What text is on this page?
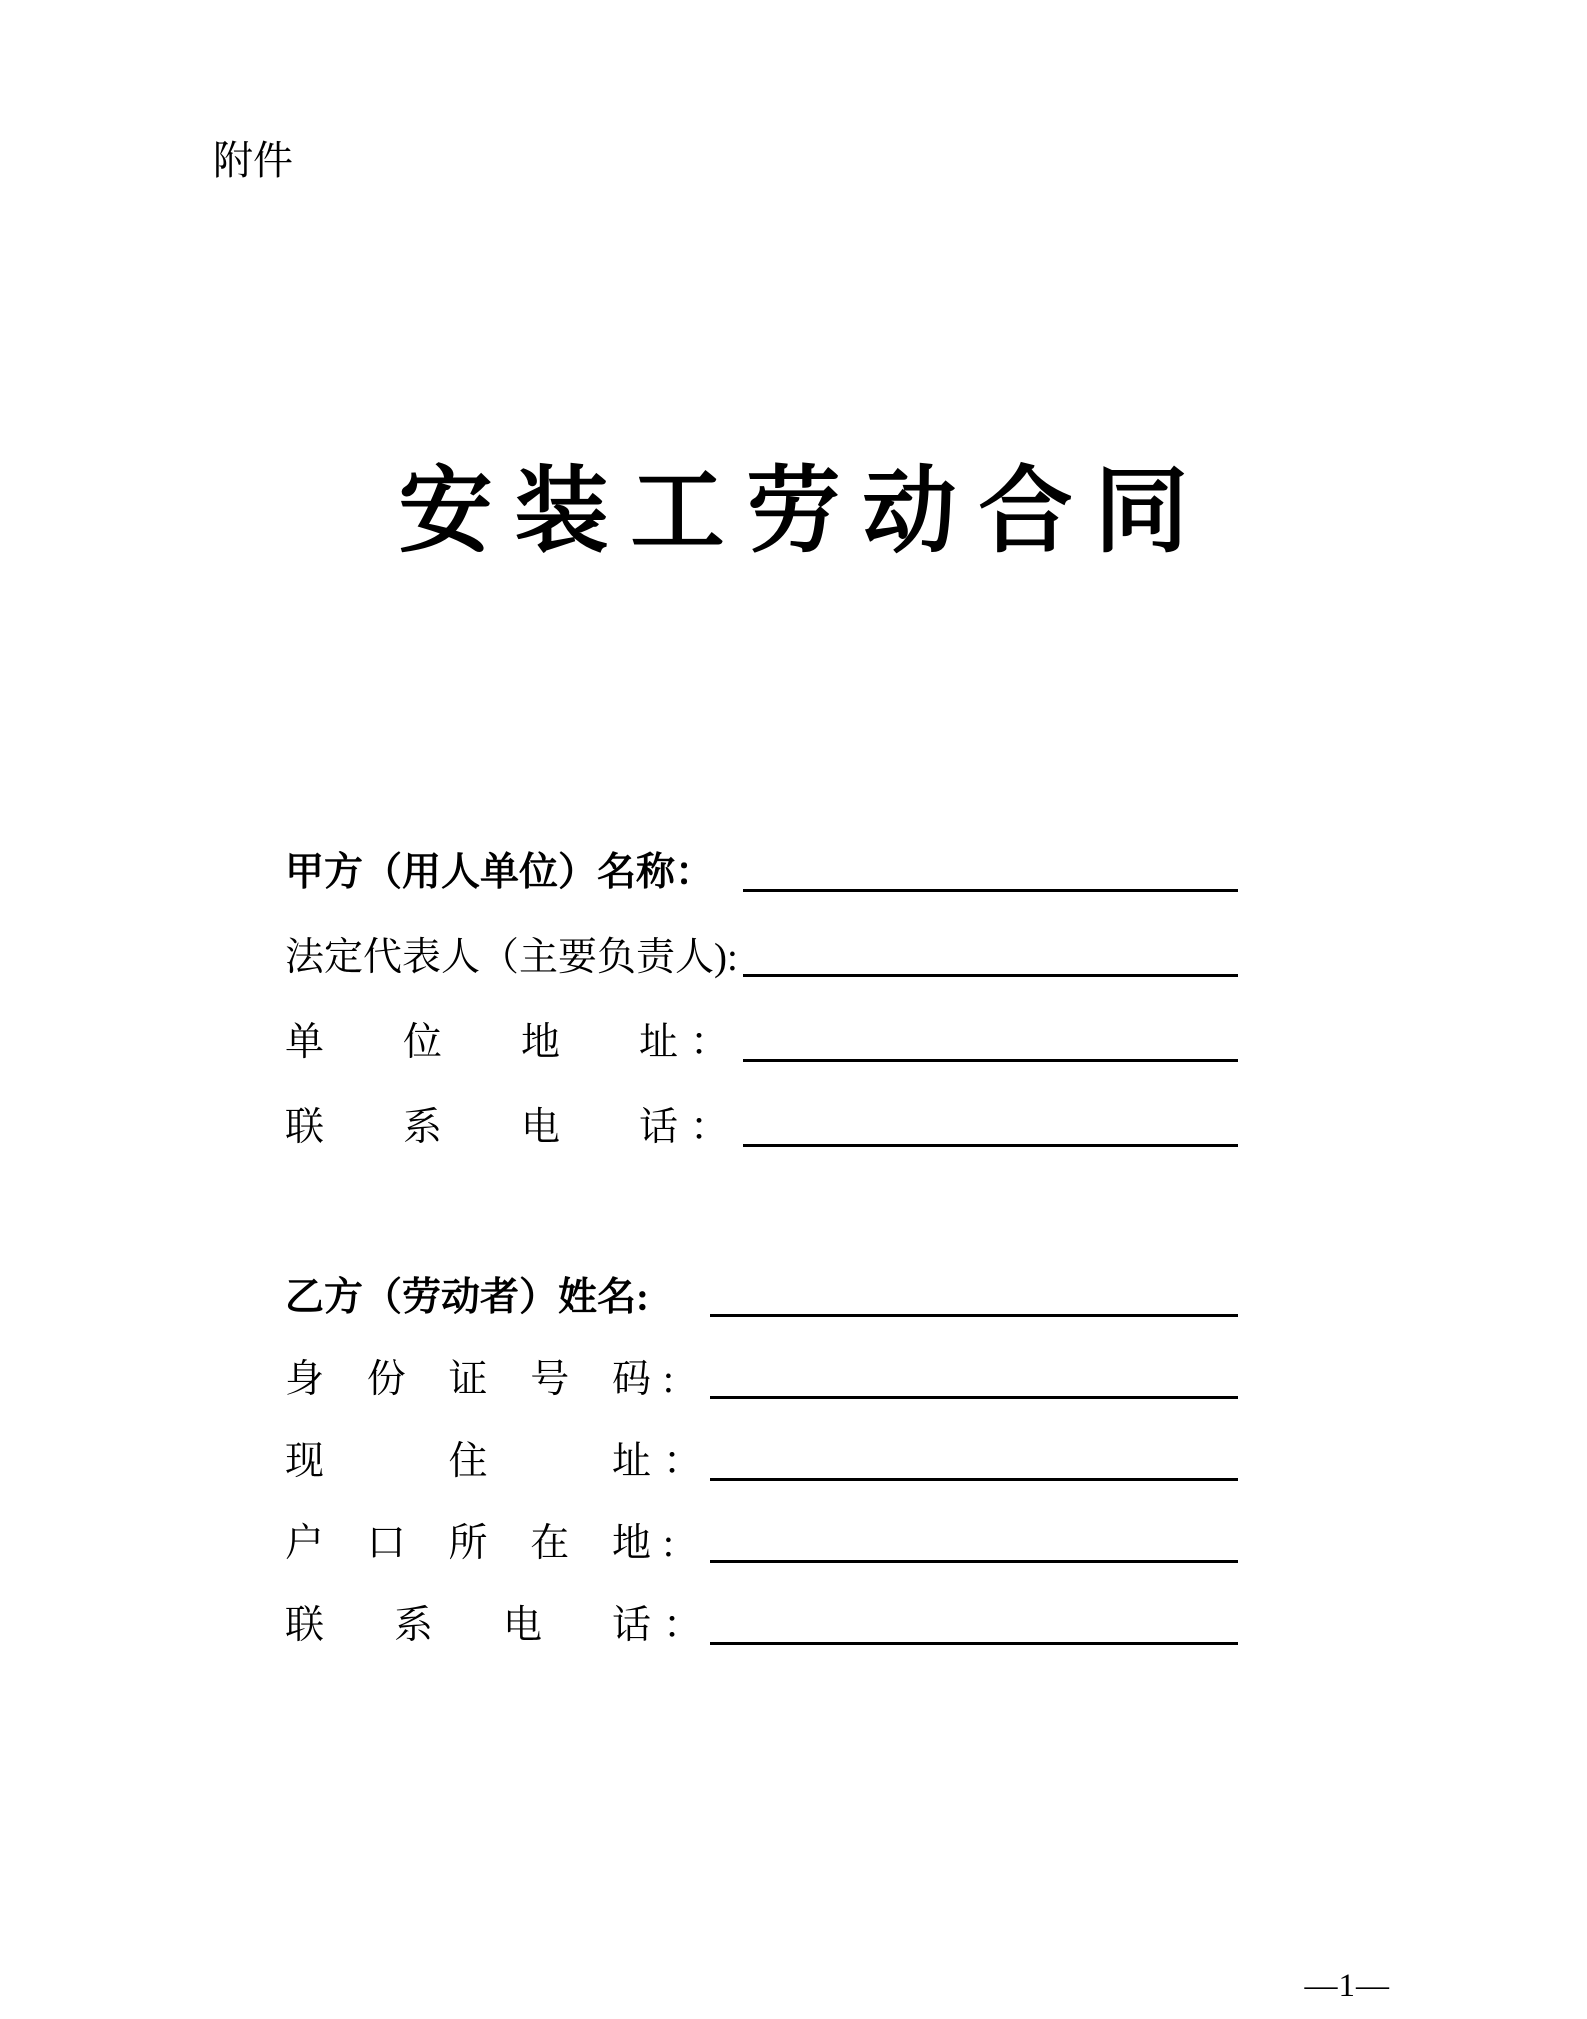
附件
安装工劳动合同
甲方（用人单位）名称 ：
法定代表人（主要负责人) :
单位地址 ：
联系电话 ：
乙方（劳动者）姓名 :
身份证号码 :
现住址 ：
户口所在地 :
联系电话 ：
—1—
